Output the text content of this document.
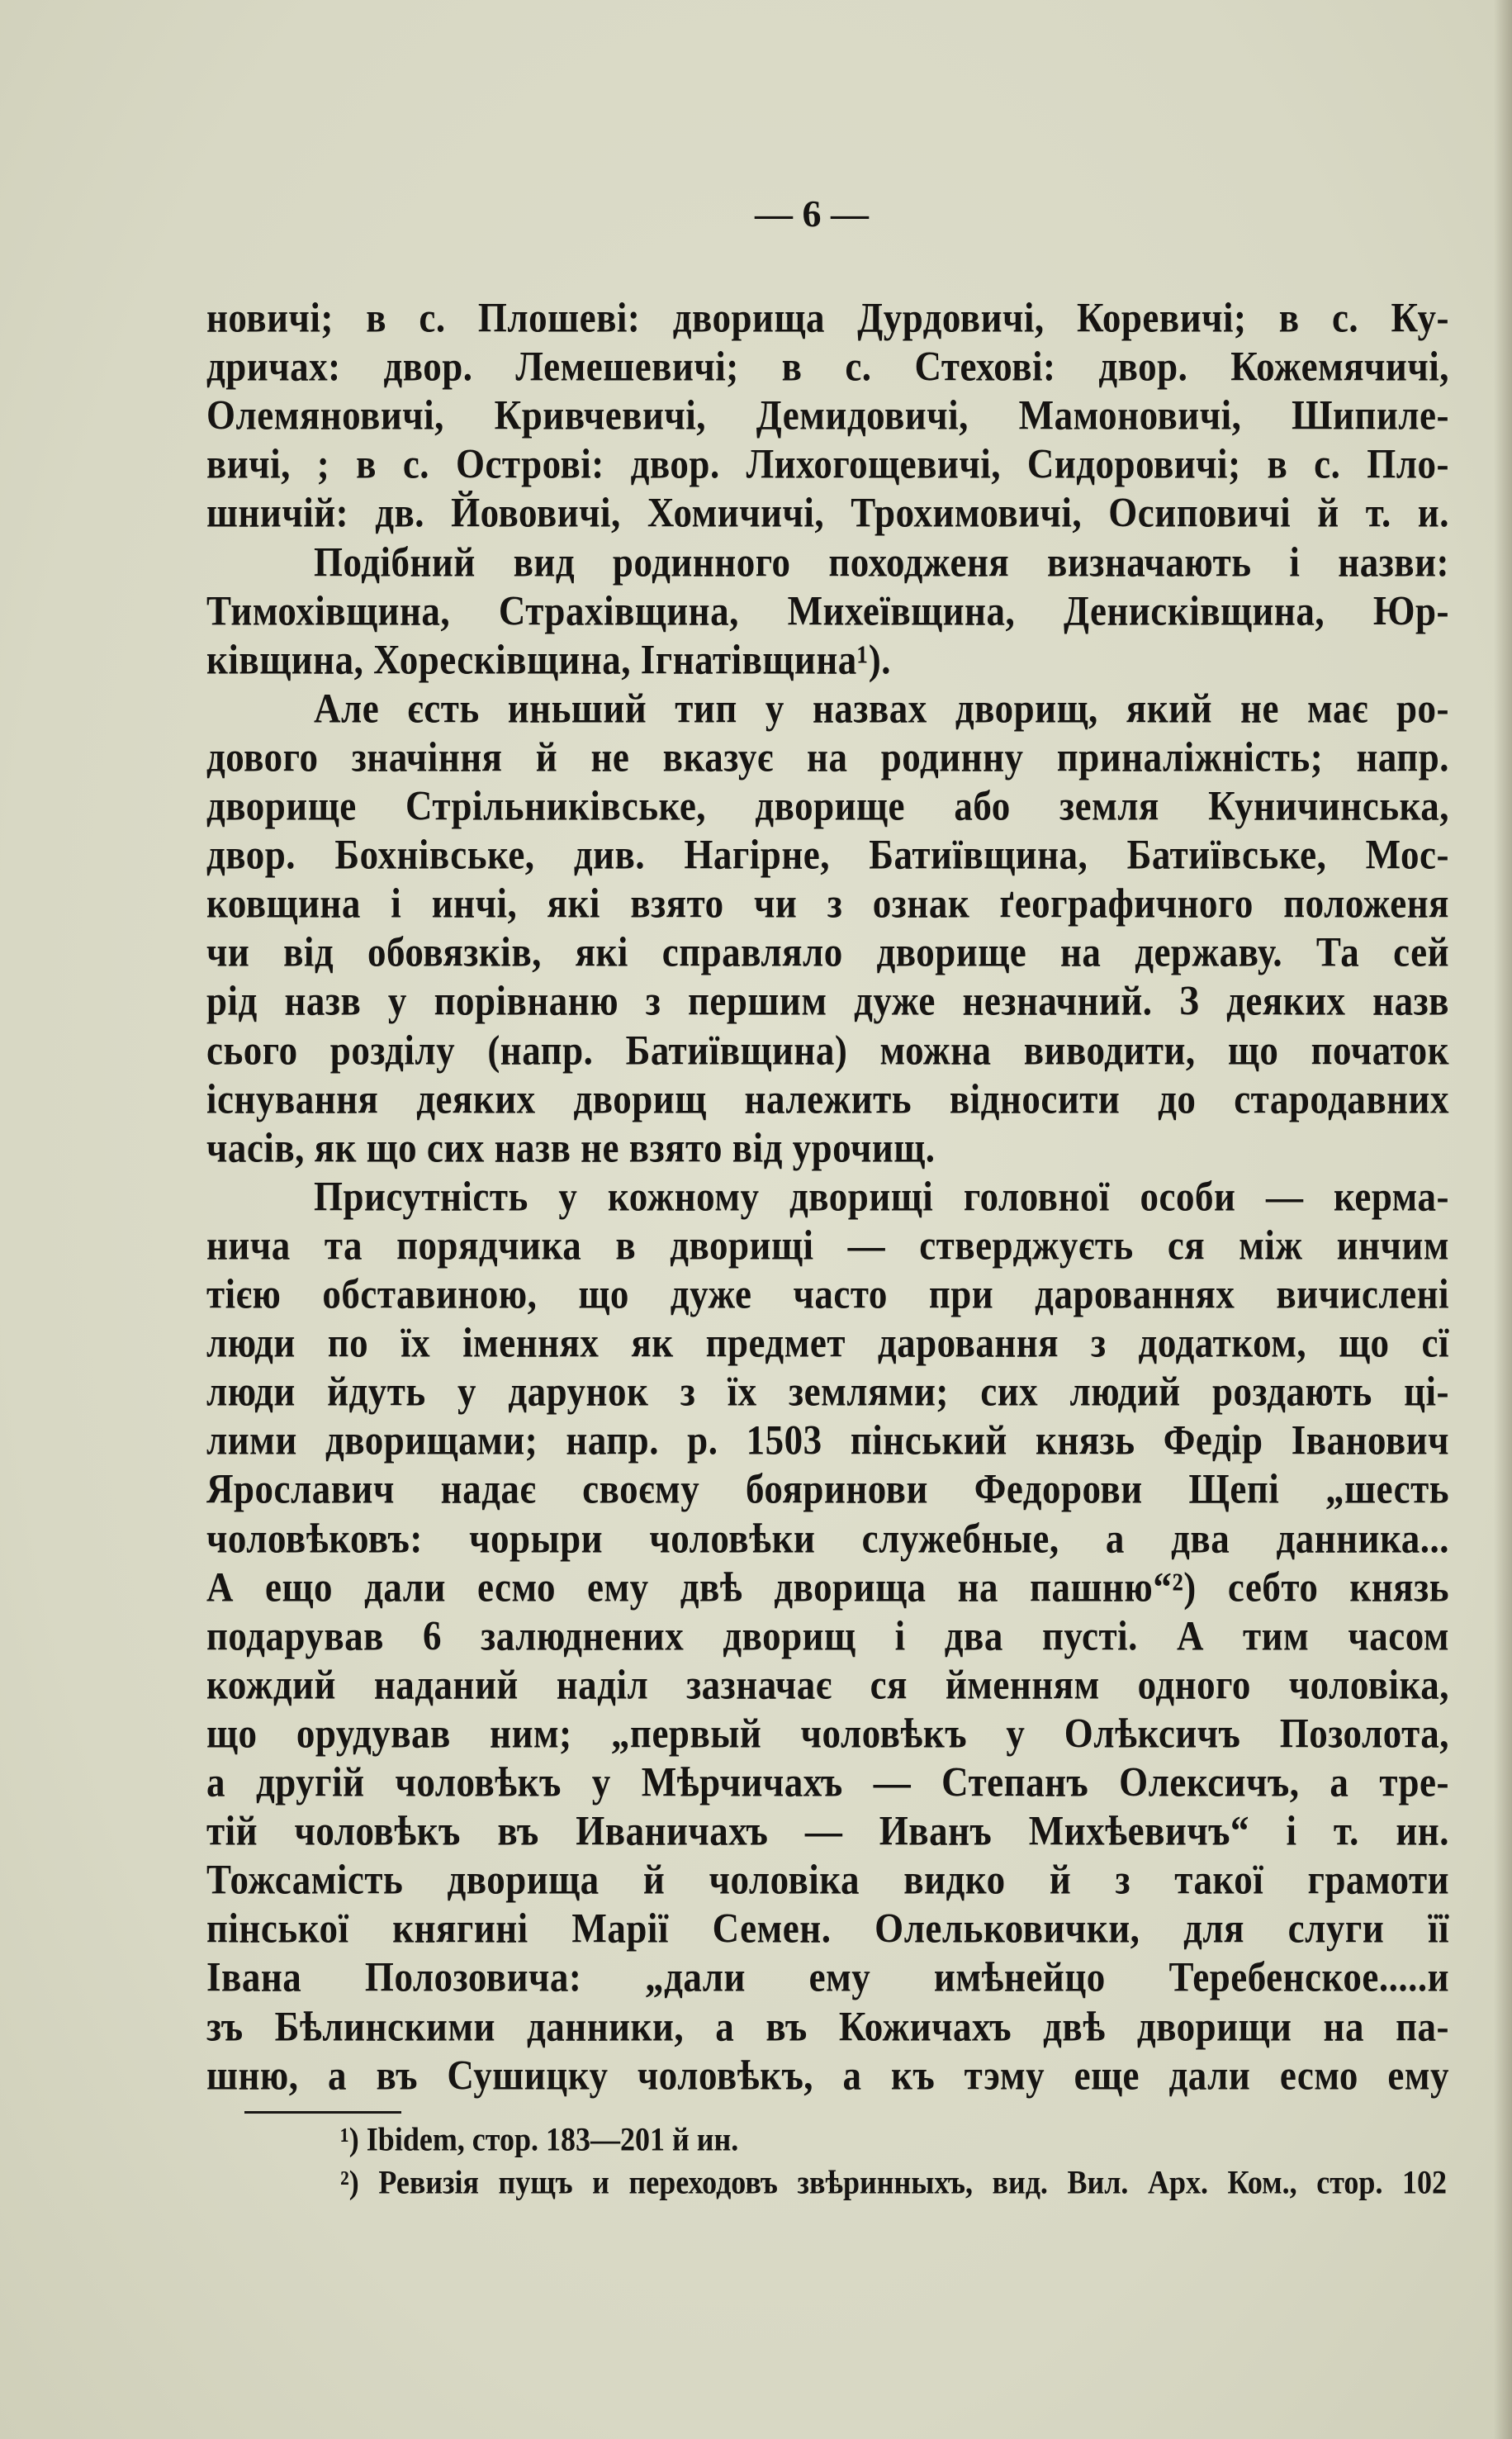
— 6 —
новичі; в с. Плошеві: дворища Дурдовичі, Коревичі; в с. Ку-
дричах: двор. Лемешевичі; в с. Стехові: двор. Кожемячичі,
Олемяновичі, Кривчевичі, Демидовичі, Мамоновичі, Шипиле-
вичі, ; в с. Острові: двор. Лихогощевичі, Сидоровичі; в с. Пло-
шничій: дв. Йововичі, Хомичичі, Трохимовичі, Осиповичі й т. и.
Подібний вид родинного походженя визначають і назви:
Тимохівщина, Страхівщина, Михеївщина, Денисківщина, Юр-
ківщина, Хоресківщина, Ігнатівщина¹).
Але єсть иньший тип у назвах дворищ, який не має ро-
дового значіння й не вказує на родинну приналіжність; напр.
дворище Стрільниківське, дворище або земля Куничинська,
двор. Бохнівське, див. Нагірне, Батиївщина, Батиївське, Мос-
ковщина і инчі, які взято чи з ознак ґеографичного положеня
чи від обовязків, які справляло дворище на державу. Та сей
рід назв у порівнаню з першим дуже незначний. З деяких назв
сього розділу (напр. Батиївщина) можна виводити, що початок
існування деяких дворищ належить відносити до стародавних
часів, як що сих назв не взято від урочищ.
Присутність у кожному дворищі головної особи — керма-
нича та порядчика в дворищі — стверджуєть ся між инчим
тією обставиною, що дуже часто при дарованнях вичислені
люди по їх іменнях як предмет даровання з додатком, що сї
люди йдуть у дарунок з їх землями; сих людий роздають ці-
лими дворищами; напр. р. 1503 пінський князь Федір Іванович
Ярославич надає своєму бояринови Федорови Щепі „шесть
чоловѣковъ: чорыри чоловѣки служебные, а два данника...
А ещо дали есмо ему двѣ дворища на пашню“²) себто князь
подарував 6 залюднених дворищ і два пусті. А тим часом
кождий наданий наділ зазначає ся йменням одного чоловіка,
що орудував ним; „первый чоловѣкъ у Олѣксичъ Позолота,
а другій чоловѣкъ у Мѣрчичахъ — Степанъ Олексичъ, а тре-
тій чоловѣкъ въ Иваничахъ — Иванъ Михѣевичъ“ і т. ин.
Тожсамість дворища й чоловіка видко й з такої грамоти
пінської княгині Марії Семен. Олельковички, для слуги її
Івана Полозовича: „дали ему имѣнейцо Теребенское.....и
зъ Бѣлинскими данники, а въ Кожичахъ двѣ дворищи на па-
шню, а въ Сушицку чоловѣкъ, а къ тэму еще дали есмо ему
¹) Ibidem, стор. 183—201 й ин.
²) Ревизія пущъ и переходовъ звѣринныхъ, вид. Вил. Арх. Ком., стор. 102
